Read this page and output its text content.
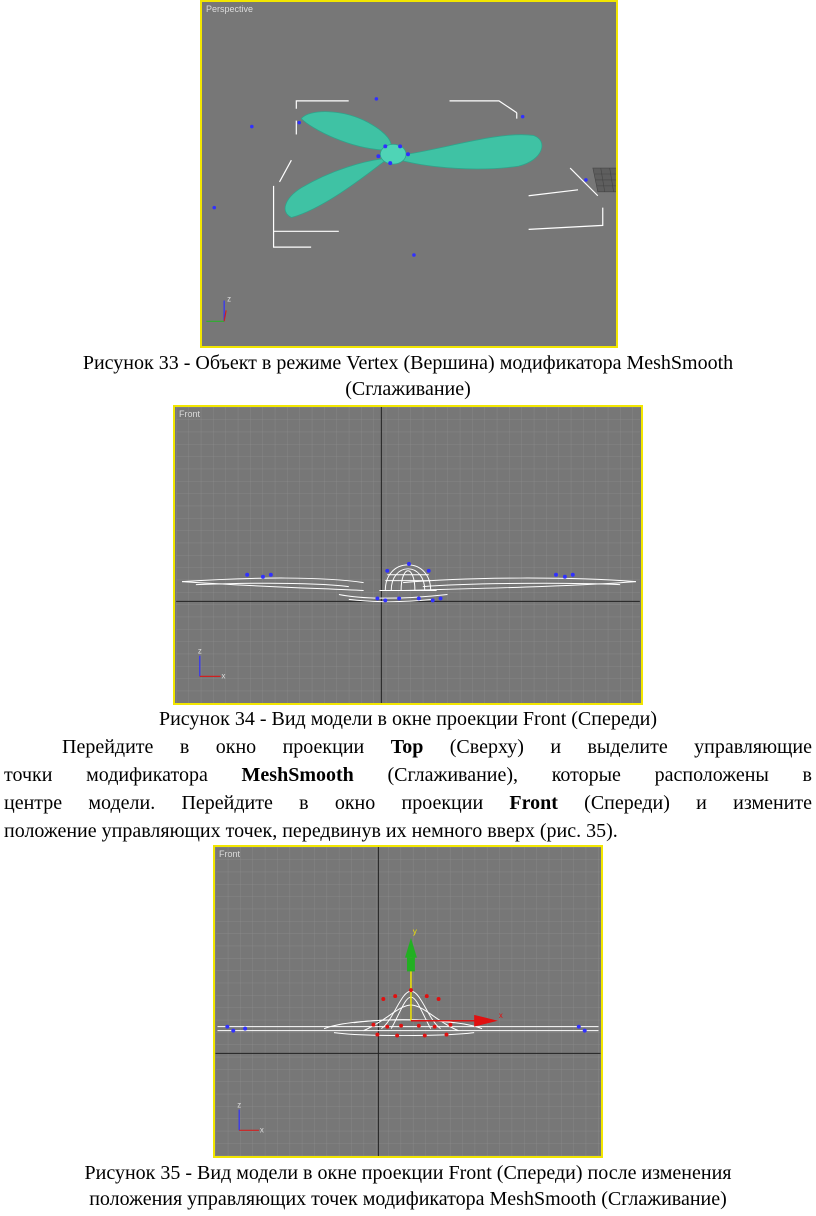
Perspective
z
Рисунок 33 - Объект в режиме Vertex (Вершина) модификатора MeshSmooth
(Сглаживание)
z
x
Рисунок 34 - Вид модели в окне проекции Front (Спереди)
Перейдите в окно проекции Top (Сверху) и выделите управляющие
точки модификатора MeshSmooth (Сглаживание), которые расположены в
центре модели. Перейдите в окно проекции Front (Спереди) и измените
положение управляющих точек, передвинув их немного вверх (рис. 35).
y
x
z
x
Рисунок 35 - Вид модели в окне проекции Front (Спереди) после изменения
положения управляющих точек модификатора MeshSmooth (Сглаживание)
